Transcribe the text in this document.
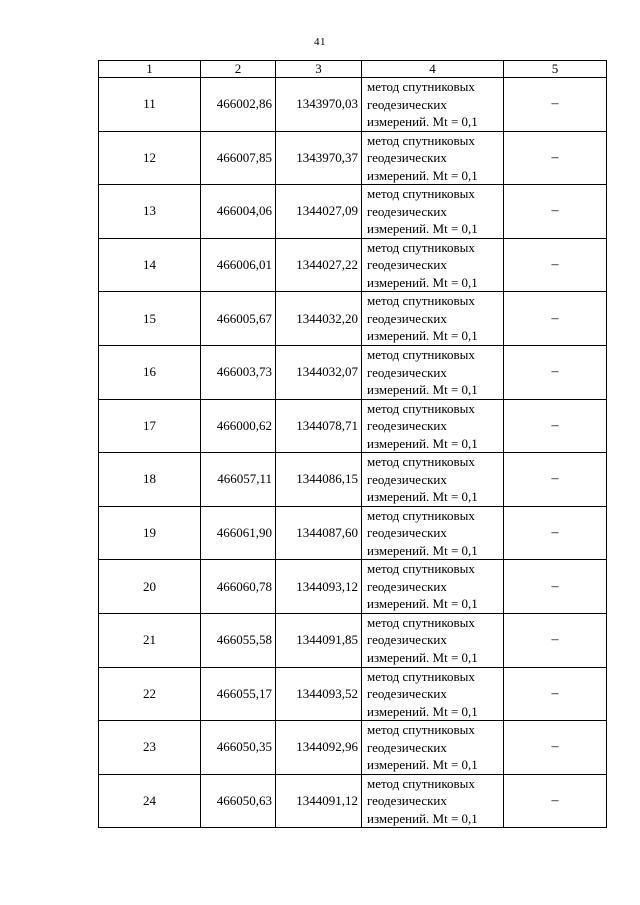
41
1	2	3	4	5
11	466002,86	1343970,03	метод спутниковых
геодезических
измерений. Mt = 0,1	–
12	466007,85	1343970,37	метод спутниковых
геодезических
измерений. Mt = 0,1	–
13	466004,06	1344027,09	метод спутниковых
геодезических
измерений. Mt = 0,1	–
14	466006,01	1344027,22	метод спутниковых
геодезических
измерений. Mt = 0,1	–
15	466005,67	1344032,20	метод спутниковых
геодезических
измерений. Mt = 0,1	–
16	466003,73	1344032,07	метод спутниковых
геодезических
измерений. Mt = 0,1	–
17	466000,62	1344078,71	метод спутниковых
геодезических
измерений. Mt = 0,1	–
18	466057,11	1344086,15	метод спутниковых
геодезических
измерений. Mt = 0,1	–
19	466061,90	1344087,60	метод спутниковых
геодезических
измерений. Mt = 0,1	–
20	466060,78	1344093,12	метод спутниковых
геодезических
измерений. Mt = 0,1	–
21	466055,58	1344091,85	метод спутниковых
геодезических
измерений. Mt = 0,1	–
22	466055,17	1344093,52	метод спутниковых
геодезических
измерений. Mt = 0,1	–
23	466050,35	1344092,96	метод спутниковых
геодезических
измерений. Mt = 0,1	–
24	466050,63	1344091,12	метод спутниковых
геодезических
измерений. Mt = 0,1	–
